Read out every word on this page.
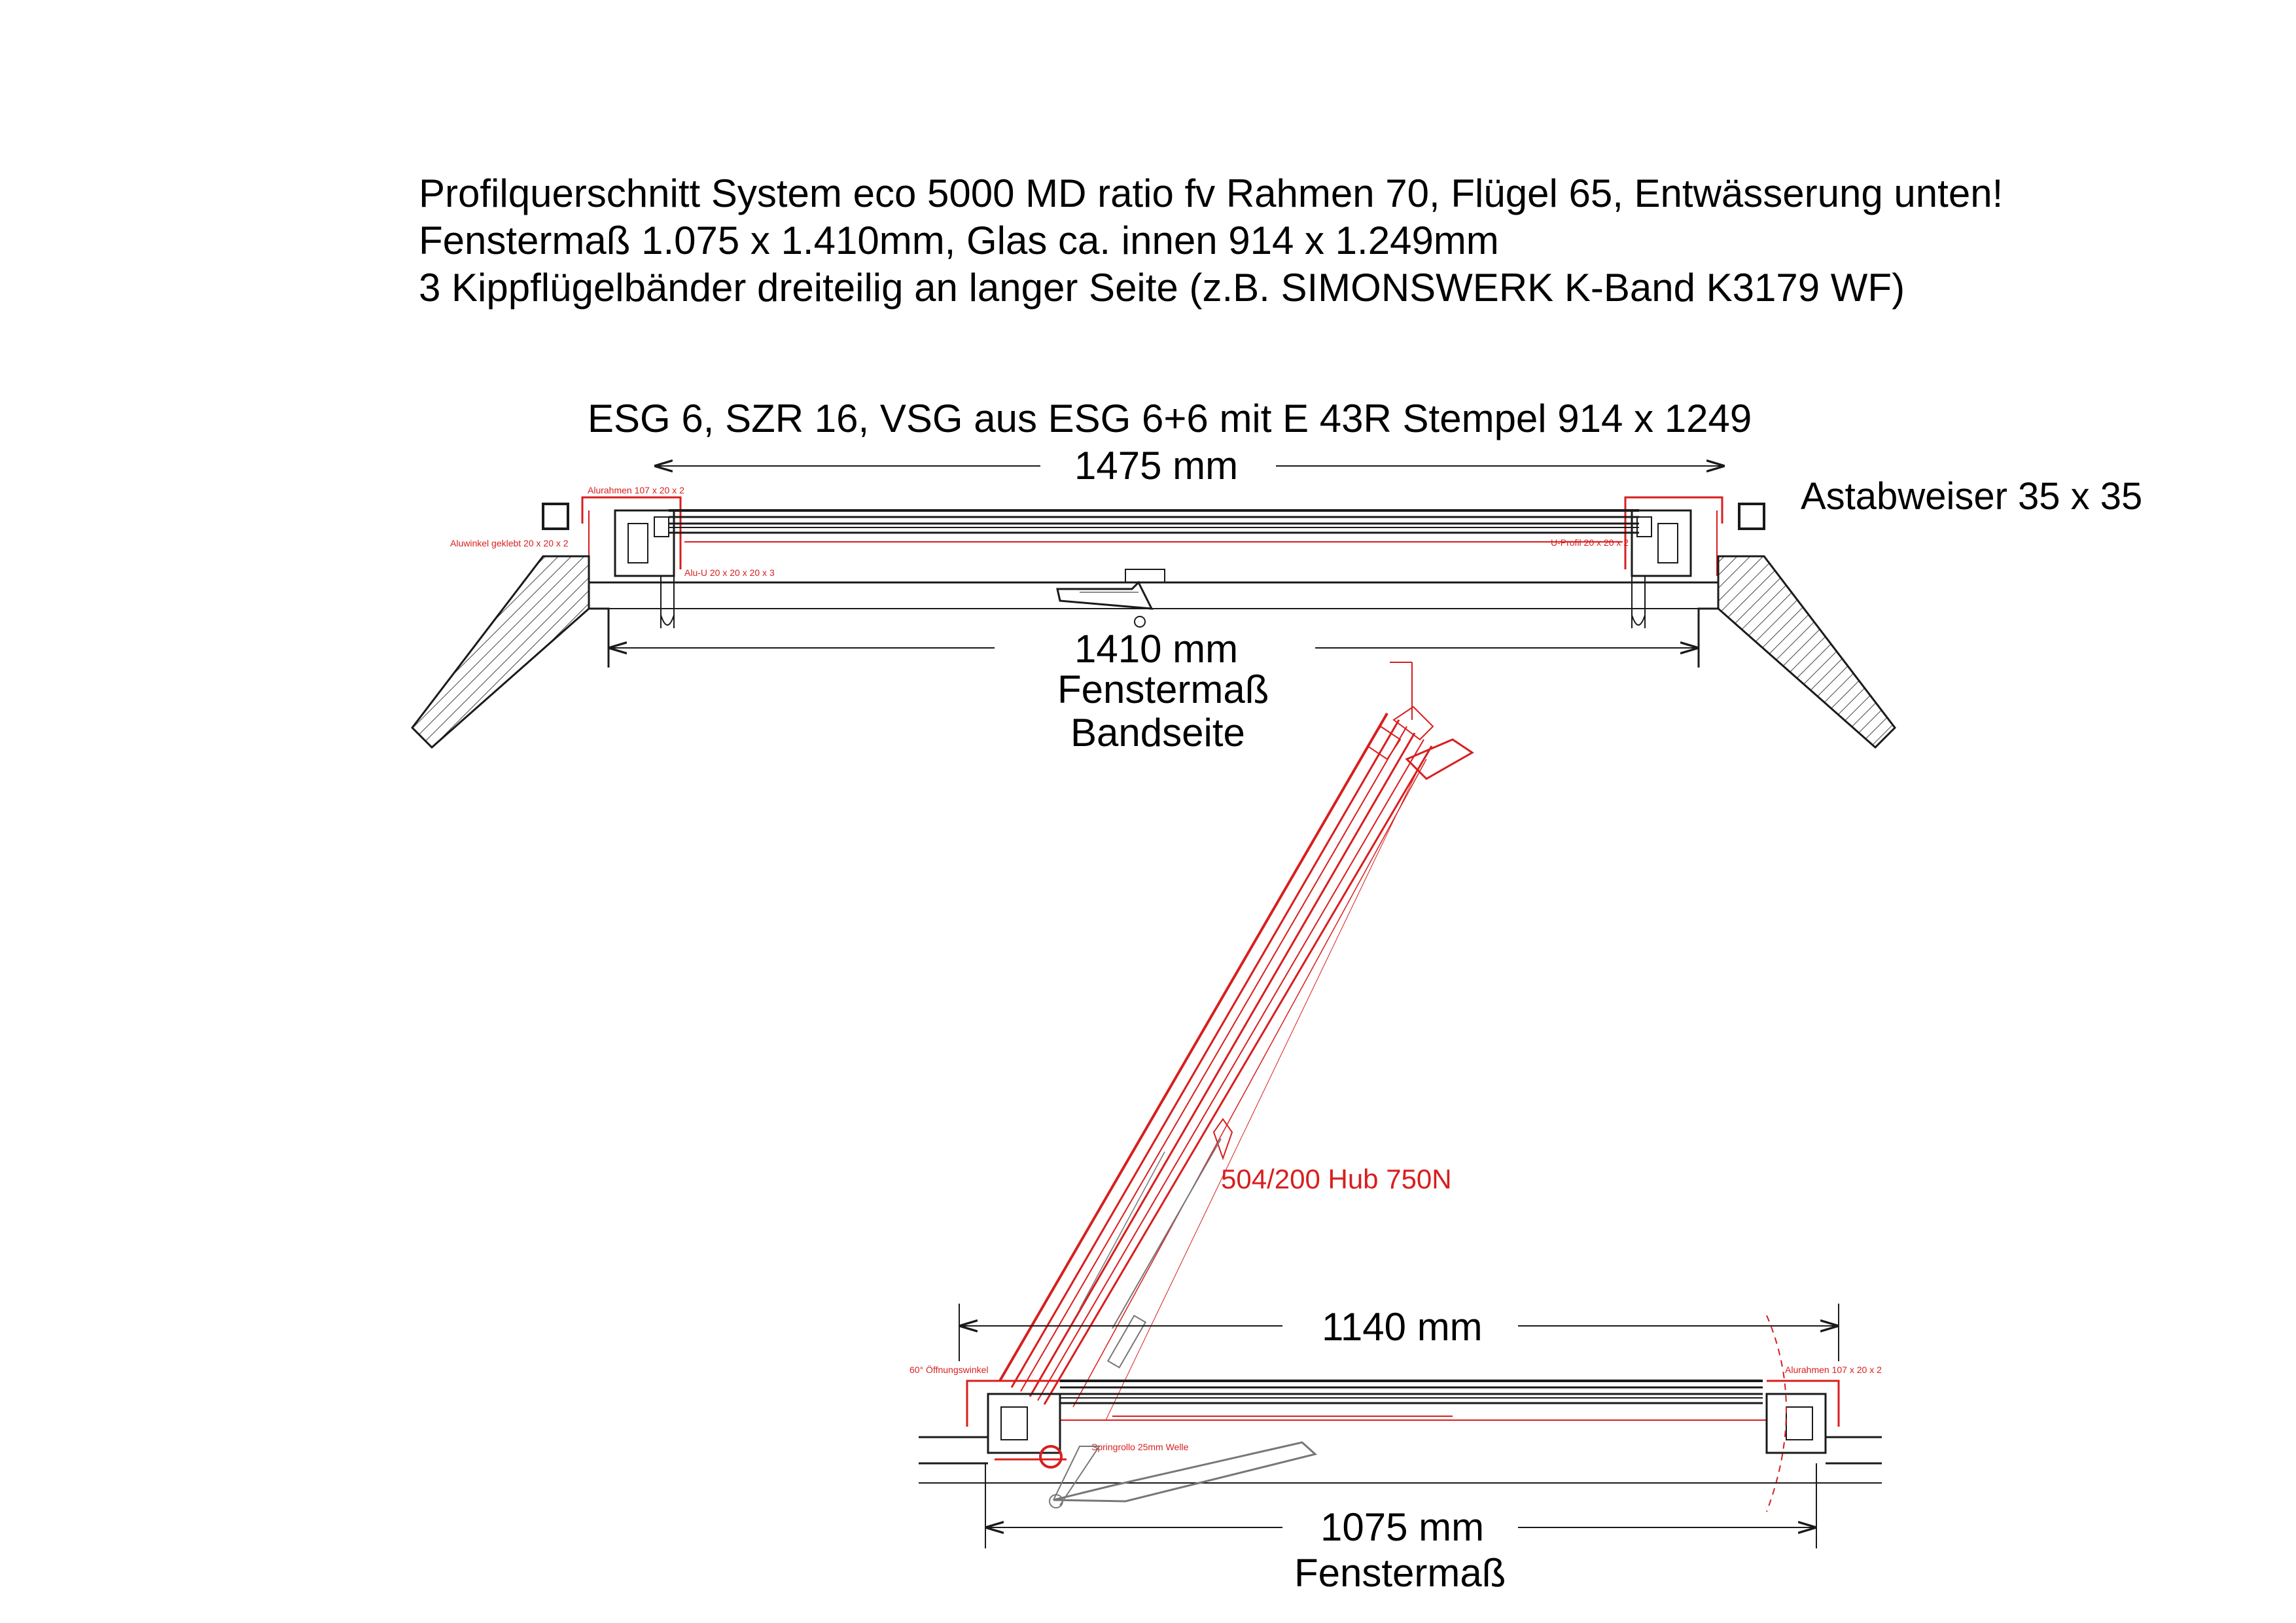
Profilquerschnitt System eco 5000 MD ratio fv Rahmen 70, Flügel 65, Entwässerung unten!
Fenstermaß 1.075 x 1.410mm, Glas ca. innen 914 x 1.249mm
3 Kippflügelbänder dreiteilig an langer Seite (z.B. SIMONSWERK K-Band K3179 WF)
ESG 6, SZR 16, VSG aus ESG 6+6 mit E 43R Stempel 914 x 1249
1475 mm
Astabweiser 35 x 35
Alurahmen 107 x 20 x 2
Aluwinkel geklebt 20 x 20 x 2
Alu-U 20 x 20 x 20 x 3
U-Profil 20 x 20 x 2
1410 mm
Fenstermaß
Bandseite
504/200 Hub 750N
1140 mm
60° Öffnungswinkel	Alurahmen 107 x 20 x 2
Springrollo 25mm Welle
1075 mm
Fenstermaß
